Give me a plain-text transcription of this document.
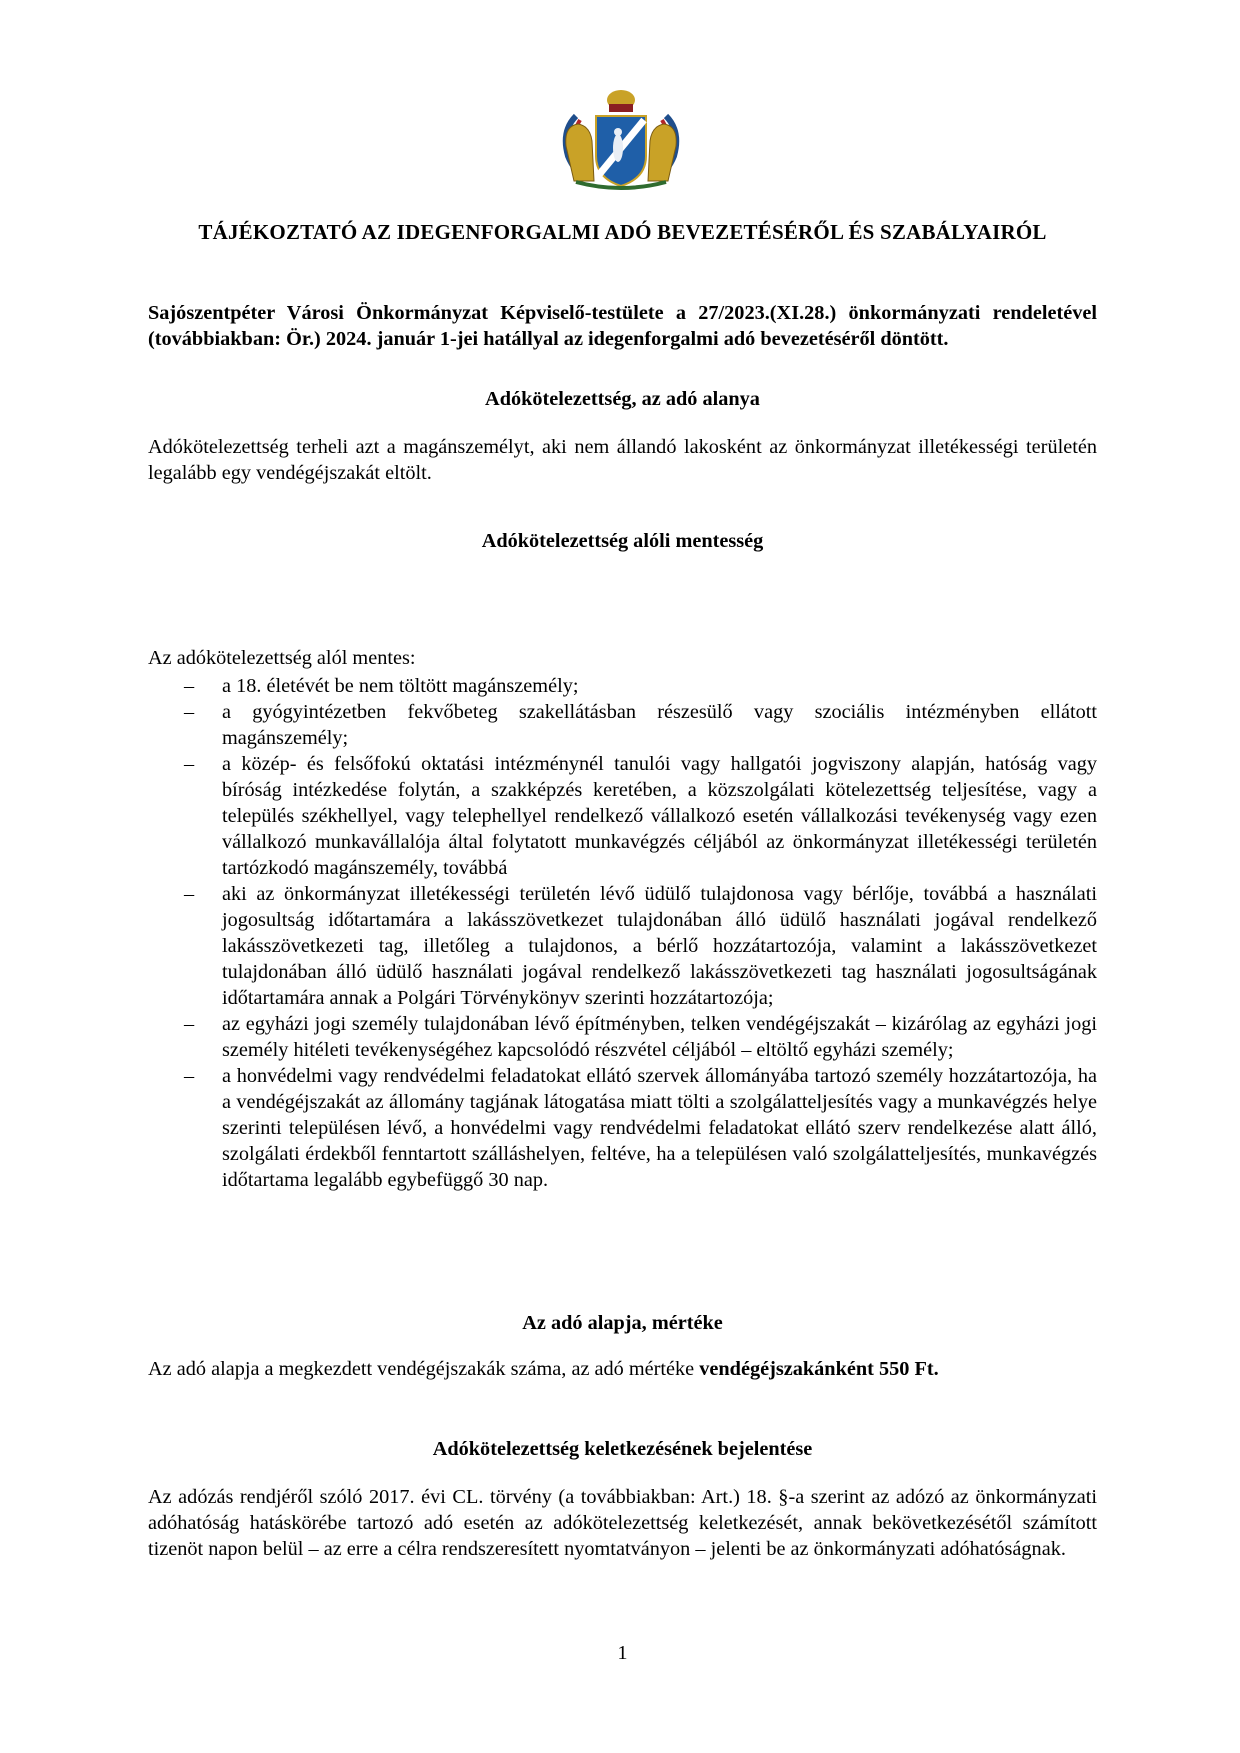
TÁJÉKOZTATÓ AZ IDEGENFORGALMI ADÓ BEVEZETÉSÉRŐL ÉS SZABÁLYAIRÓL
Sajószentpéter Városi Önkormányzat Képviselő-testülete a 27/2023.(XI.28.) önkormányzati rendeletével (továbbiakban: Ör.) 2024. január 1-jei hatállyal az idegenforgalmi adó bevezetéséről döntött.
Adókötelezettség, az adó alanya
Adókötelezettség terheli azt a magánszemélyt, aki nem állandó lakosként az önkormányzat illetékességi területén legalább egy vendégéjszakát eltölt.
Adókötelezettség alóli mentesség
Az adókötelezettség alól mentes:
– a 18. életévét be nem töltött magánszemély;
– a gyógyintézetben fekvőbeteg szakellátásban részesülő vagy szociális intézményben ellátott magánszemély;
– a közép- és felsőfokú oktatási intézménynél tanulói vagy hallgatói jogviszony alapján, hatóság vagy bíróság intézkedése folytán, a szakképzés keretében, a közszolgálati kötelezettség teljesítése, vagy a település székhellyel, vagy telephellyel rendelkező vállalkozó esetén vállalkozási tevékenység vagy ezen vállalkozó munkavállalója által folytatott munkavégzés céljából az önkormányzat illetékességi területén tartózkodó magánszemély, továbbá
– aki az önkormányzat illetékességi területén lévő üdülő tulajdonosa vagy bérlője, továbbá a használati jogosultság időtartamára a lakásszövetkezet tulajdonában álló üdülő használati jogával rendelkező lakásszövetkezeti tag, illetőleg a tulajdonos, a bérlő hozzátartozója, valamint a lakásszövetkezet tulajdonában álló üdülő használati jogával rendelkező lakásszövetkezeti tag használati jogosultságának időtartamára annak a Polgári Törvénykönyv szerinti hozzátartozója;
– az egyházi jogi személy tulajdonában lévő építményben, telken vendégéjszakát – kizárólag az egyházi jogi személy hitéleti tevékenységéhez kapcsolódó részvétel céljából – eltöltő egyházi személy;
– a honvédelmi vagy rendvédelmi feladatokat ellátó szervek állományába tartozó személy hozzátartozója, ha a vendégéjszakát az állomány tagjának látogatása miatt tölti a szolgálatteljesítés vagy a munkavégzés helye szerinti településen lévő, a honvédelmi vagy rendvédelmi feladatokat ellátó szerv rendelkezése alatt álló, szolgálati érdekből fenntartott szálláshelyen, feltéve, ha a településen való szolgálatteljesítés, munkavégzés időtartama legalább egybefüggő 30 nap.
Az adó alapja, mértéke
Az adó alapja a megkezdett vendégéjszakák száma, az adó mértéke vendégéjszakánként 550 Ft.
Adókötelezettség keletkezésének bejelentése
Az adózás rendjéről szóló 2017. évi CL. törvény (a továbbiakban: Art.) 18. §-a szerint az adózó az önkormányzati adóhatóság hatáskörébe tartozó adó esetén az adókötelezettség keletkezését, annak bekövetkezésétől számított tizenöt napon belül – az erre a célra rendszeresített nyomtatványon – jelenti be az önkormányzati adóhatóságnak.
1
